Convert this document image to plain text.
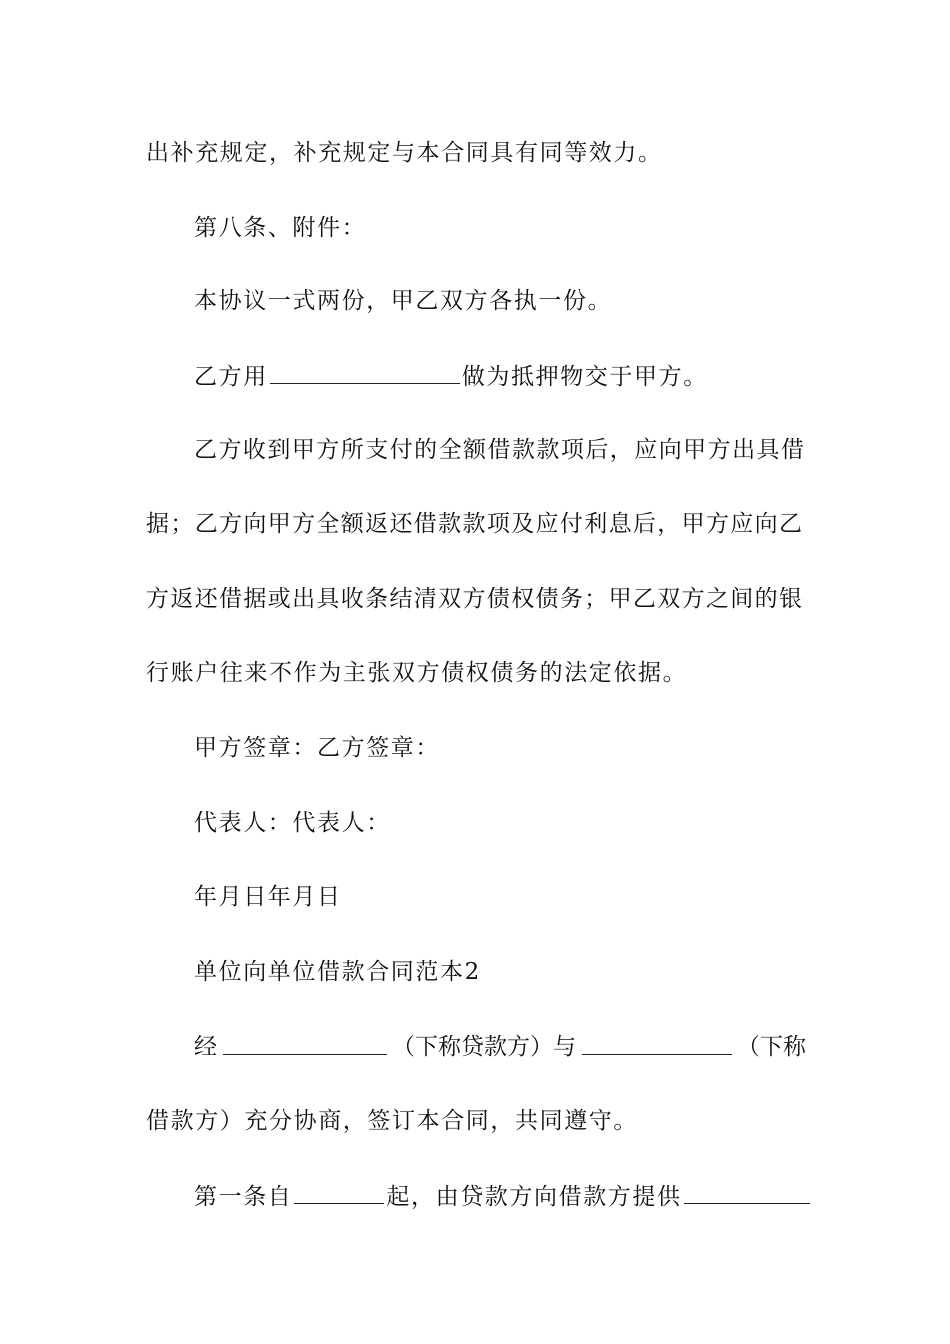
出补充规定，补充规定与本合同具有同等效力。
第八条、附件：
本协议一式两份，甲乙双方各执一份。
乙方用	做为抵押物交于甲方。
乙方收到甲方所支付的全额借款款项后，应向甲方出具借
据；乙方向甲方全额返还借款款项及应付利息后，甲方应向乙
方返还借据或出具收条结清双方债权债务；甲乙双方之间的银
行账户往来不作为主张双方债权债务的法定依据。
甲方签章：乙方签章：
代表人：代表人：
年月日年月日
单位向单位借款合同范本2
经	（下称贷款方）与	（下称
借款方）充分协商，签订本合同，共同遵守。
第一条自	起，由贷款方向借款方提供
